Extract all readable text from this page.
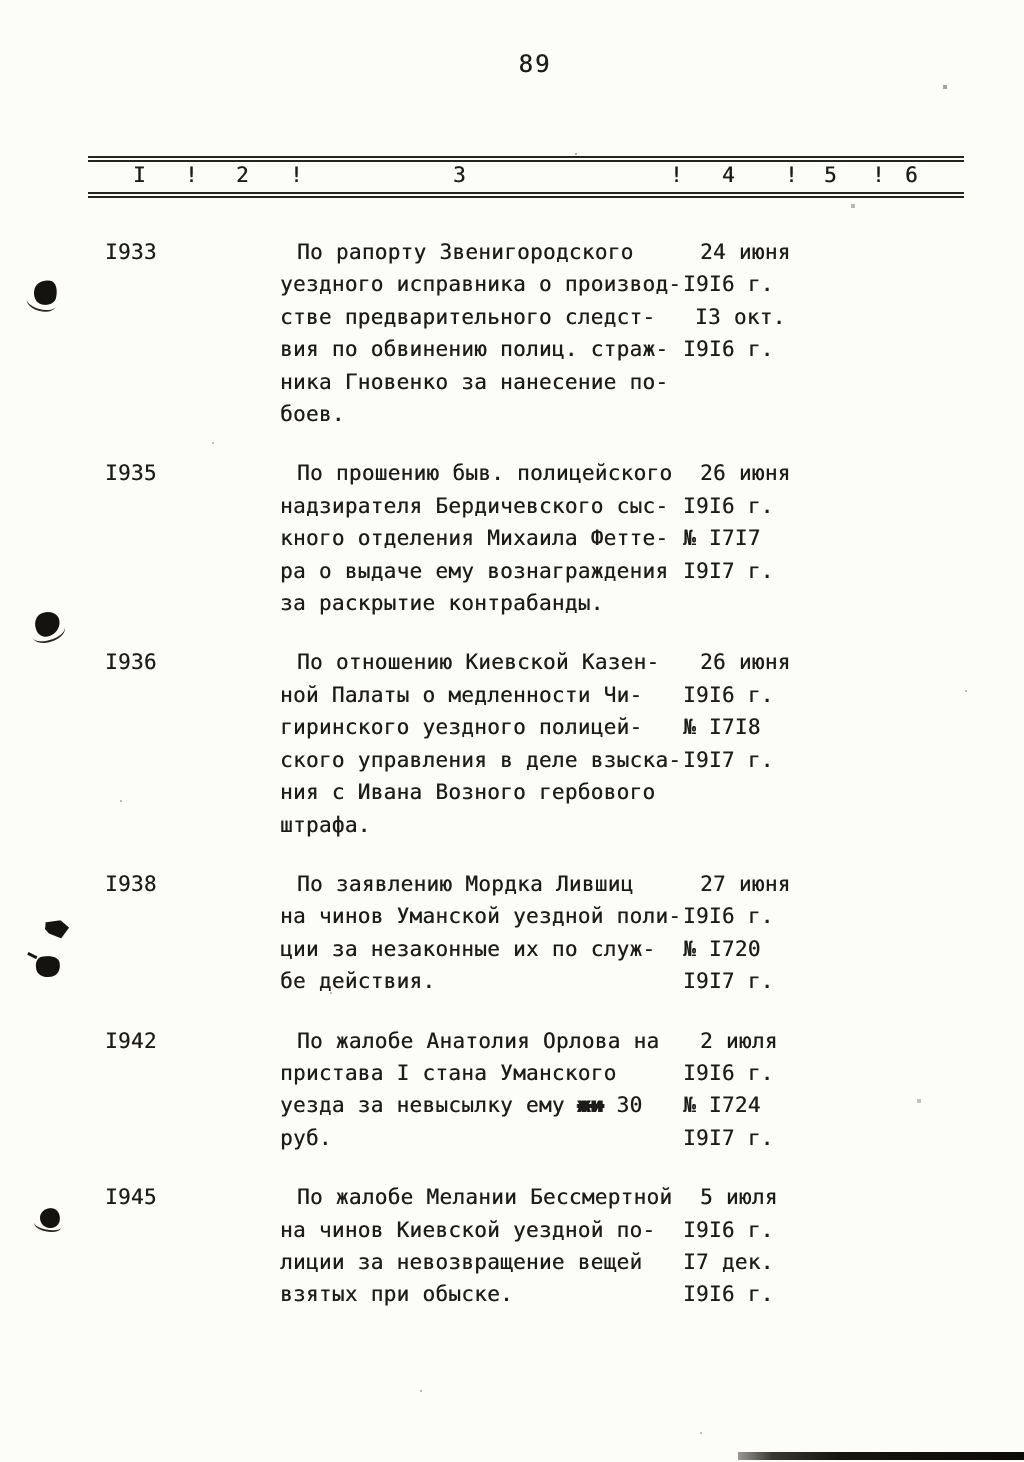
89
I ! 2 !	3	! 4 ! 5 ! 6
I933	По рапорту Звенигородского	24 июня
уездного исправника о производ- I9I6 г.
стве предварительного следст-	I3 окт.
вия по обвинению полиц. страж- I9I6 г.
ника Гновенко за нанесение по-
боев.
I935	По прошению быв. полицейского	26 июня
надзирателя Бердичевского сыс- I9I6 г.
кного отделения Михаила Фетте- № I7I7
ра о выдаче ему вознаграждения I9I7 г.
за раскрытие контрабанды.
I936	По отношению Киевской Казен-	26 июня
ной Палаты о медленности Чи-	I9I6 г.
гиринского уездного полицей-	№ I7I8
ского управления в деле взыска- I9I7 г.
ния с Ивана Возного гербового
штрафа.
I938	По заявлению Мордка Лившиц	27 июня
на чинов Уманской уездной поли- I9I6 г.
ции за незаконные их по служ-	№ I720
бе действия.	I9I7 г.
I942	По жалобе Анатолия Орлова на	2 июля
пристава I стана Уманского	I9I6 г.
уезда за невысылку ему жи 30	№ I724
руб.	I9I7 г.
I945	По жалобе Мелании Бессмертной	5 июля
на чинов Киевской уездной по-	I9I6 г.
лиции за невозвращение вещей	I7 дек.
взятых при обыске.	I9I6 г.
